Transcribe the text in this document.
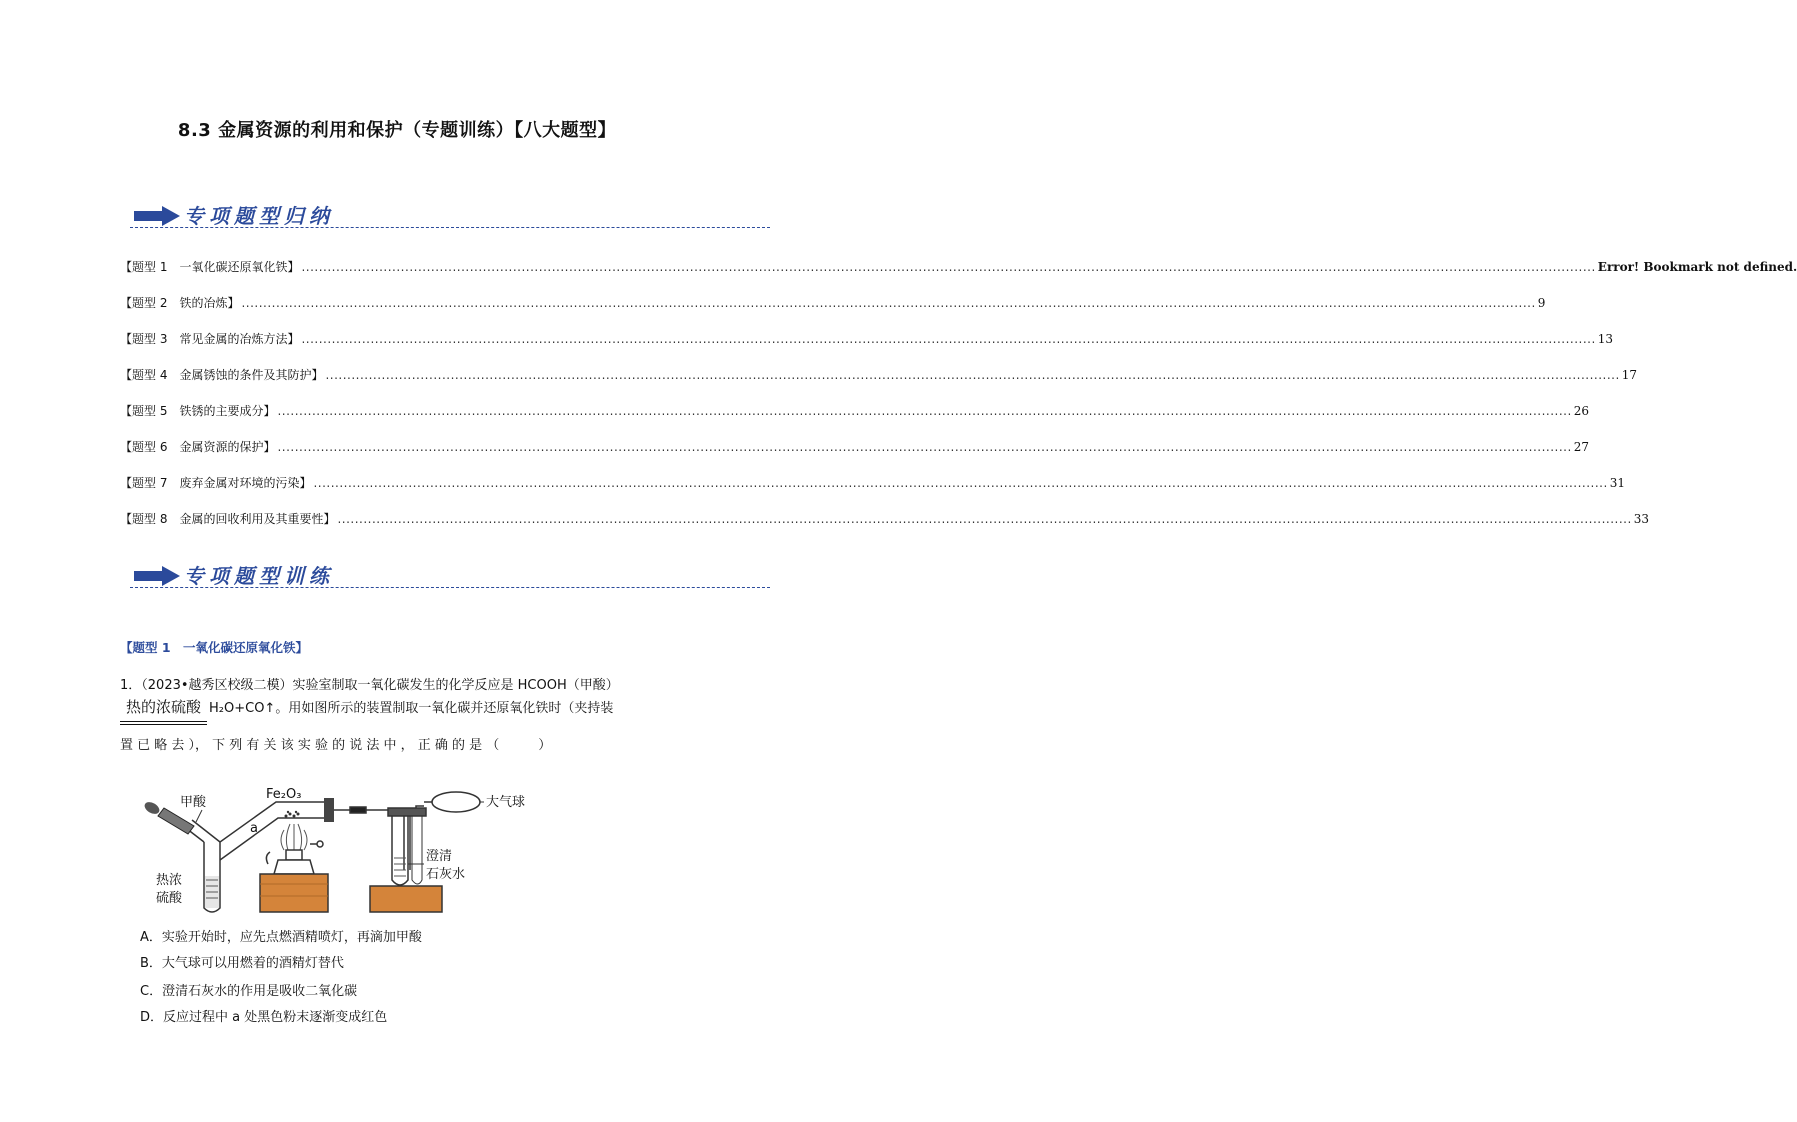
8.3 金属资源的利用和保护（专题训练）【八大题型】
专项题型归纳
【题型 1　一氧化碳还原氧化铁】 ............................................................................................................................................................................................................................................................................................................ Error! Bookmark not defined.
【题型 2　铁的冶炼】 ............................................................................................................................................................................................................................................................................................................ 9
【题型 3　常见金属的冶炼方法】 ............................................................................................................................................................................................................................................................................................................ 13
【题型 4　金属锈蚀的条件及其防护】 ............................................................................................................................................................................................................................................................................................................ 17
【题型 5　铁锈的主要成分】 ............................................................................................................................................................................................................................................................................................................ 26
【题型 6　金属资源的保护】 ............................................................................................................................................................................................................................................................................................................ 27
【题型 7　废弃金属对环境的污染】 ............................................................................................................................................................................................................................................................................................................ 31
【题型 8　金属的回收利用及其重要性】 ............................................................................................................................................................................................................................................................................................................ 33
专项题型训练
【题型 1　一氧化碳还原氧化铁】
1．（2023•越秀区校级二模）实验室制取一氧化碳发生的化学反应是 HCOOH（甲酸）
热的浓硫酸 H₂O+CO↑。用如图所示的装置制取一氧化碳并还原氧化铁时（夹持装
置 已 略 去 ）， 下 列 有 关 该 实 验 的 说 法 中 ， 正 确 的 是 （　　　）
甲酸
Fe₂O₃
a
大气球
澄清
石灰水
热浓
硫酸
A．实验开始时，应先点燃酒精喷灯，再滴加甲酸
B．大气球可以用燃着的酒精灯替代
C．澄清石灰水的作用是吸收二氧化碳
D．反应过程中 a 处黑色粉末逐渐变成红色
